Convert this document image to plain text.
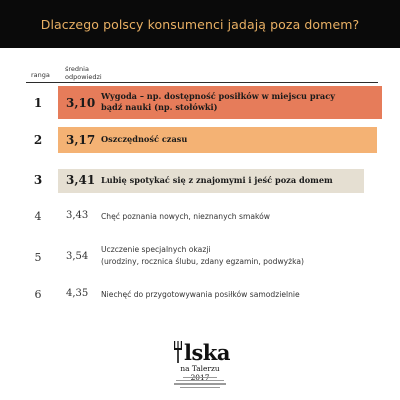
Dlaczego polscy konsumenci jadają poza domem?
ranga
średnia
odpowiedzi
1	3,10 Wygoda – np. dostępność posiłków w miejscu pracy
bądź nauki (np. stołówki)
2	3,17 Oszczędność czasu
3	3,41 Lubię spotykać się z znajomymi i jeść poza domem
4	3,43 Chęć poznania nowych, nieznanych smaków
5	3,54
Uczczenie specjalnych okazji
(urodziny, rocznica ślubu, zdany egzamin, podwyżka)
6	4,35 Niechęć do przygotowywania posiłków samodzielnie
lska
na Talerzu
